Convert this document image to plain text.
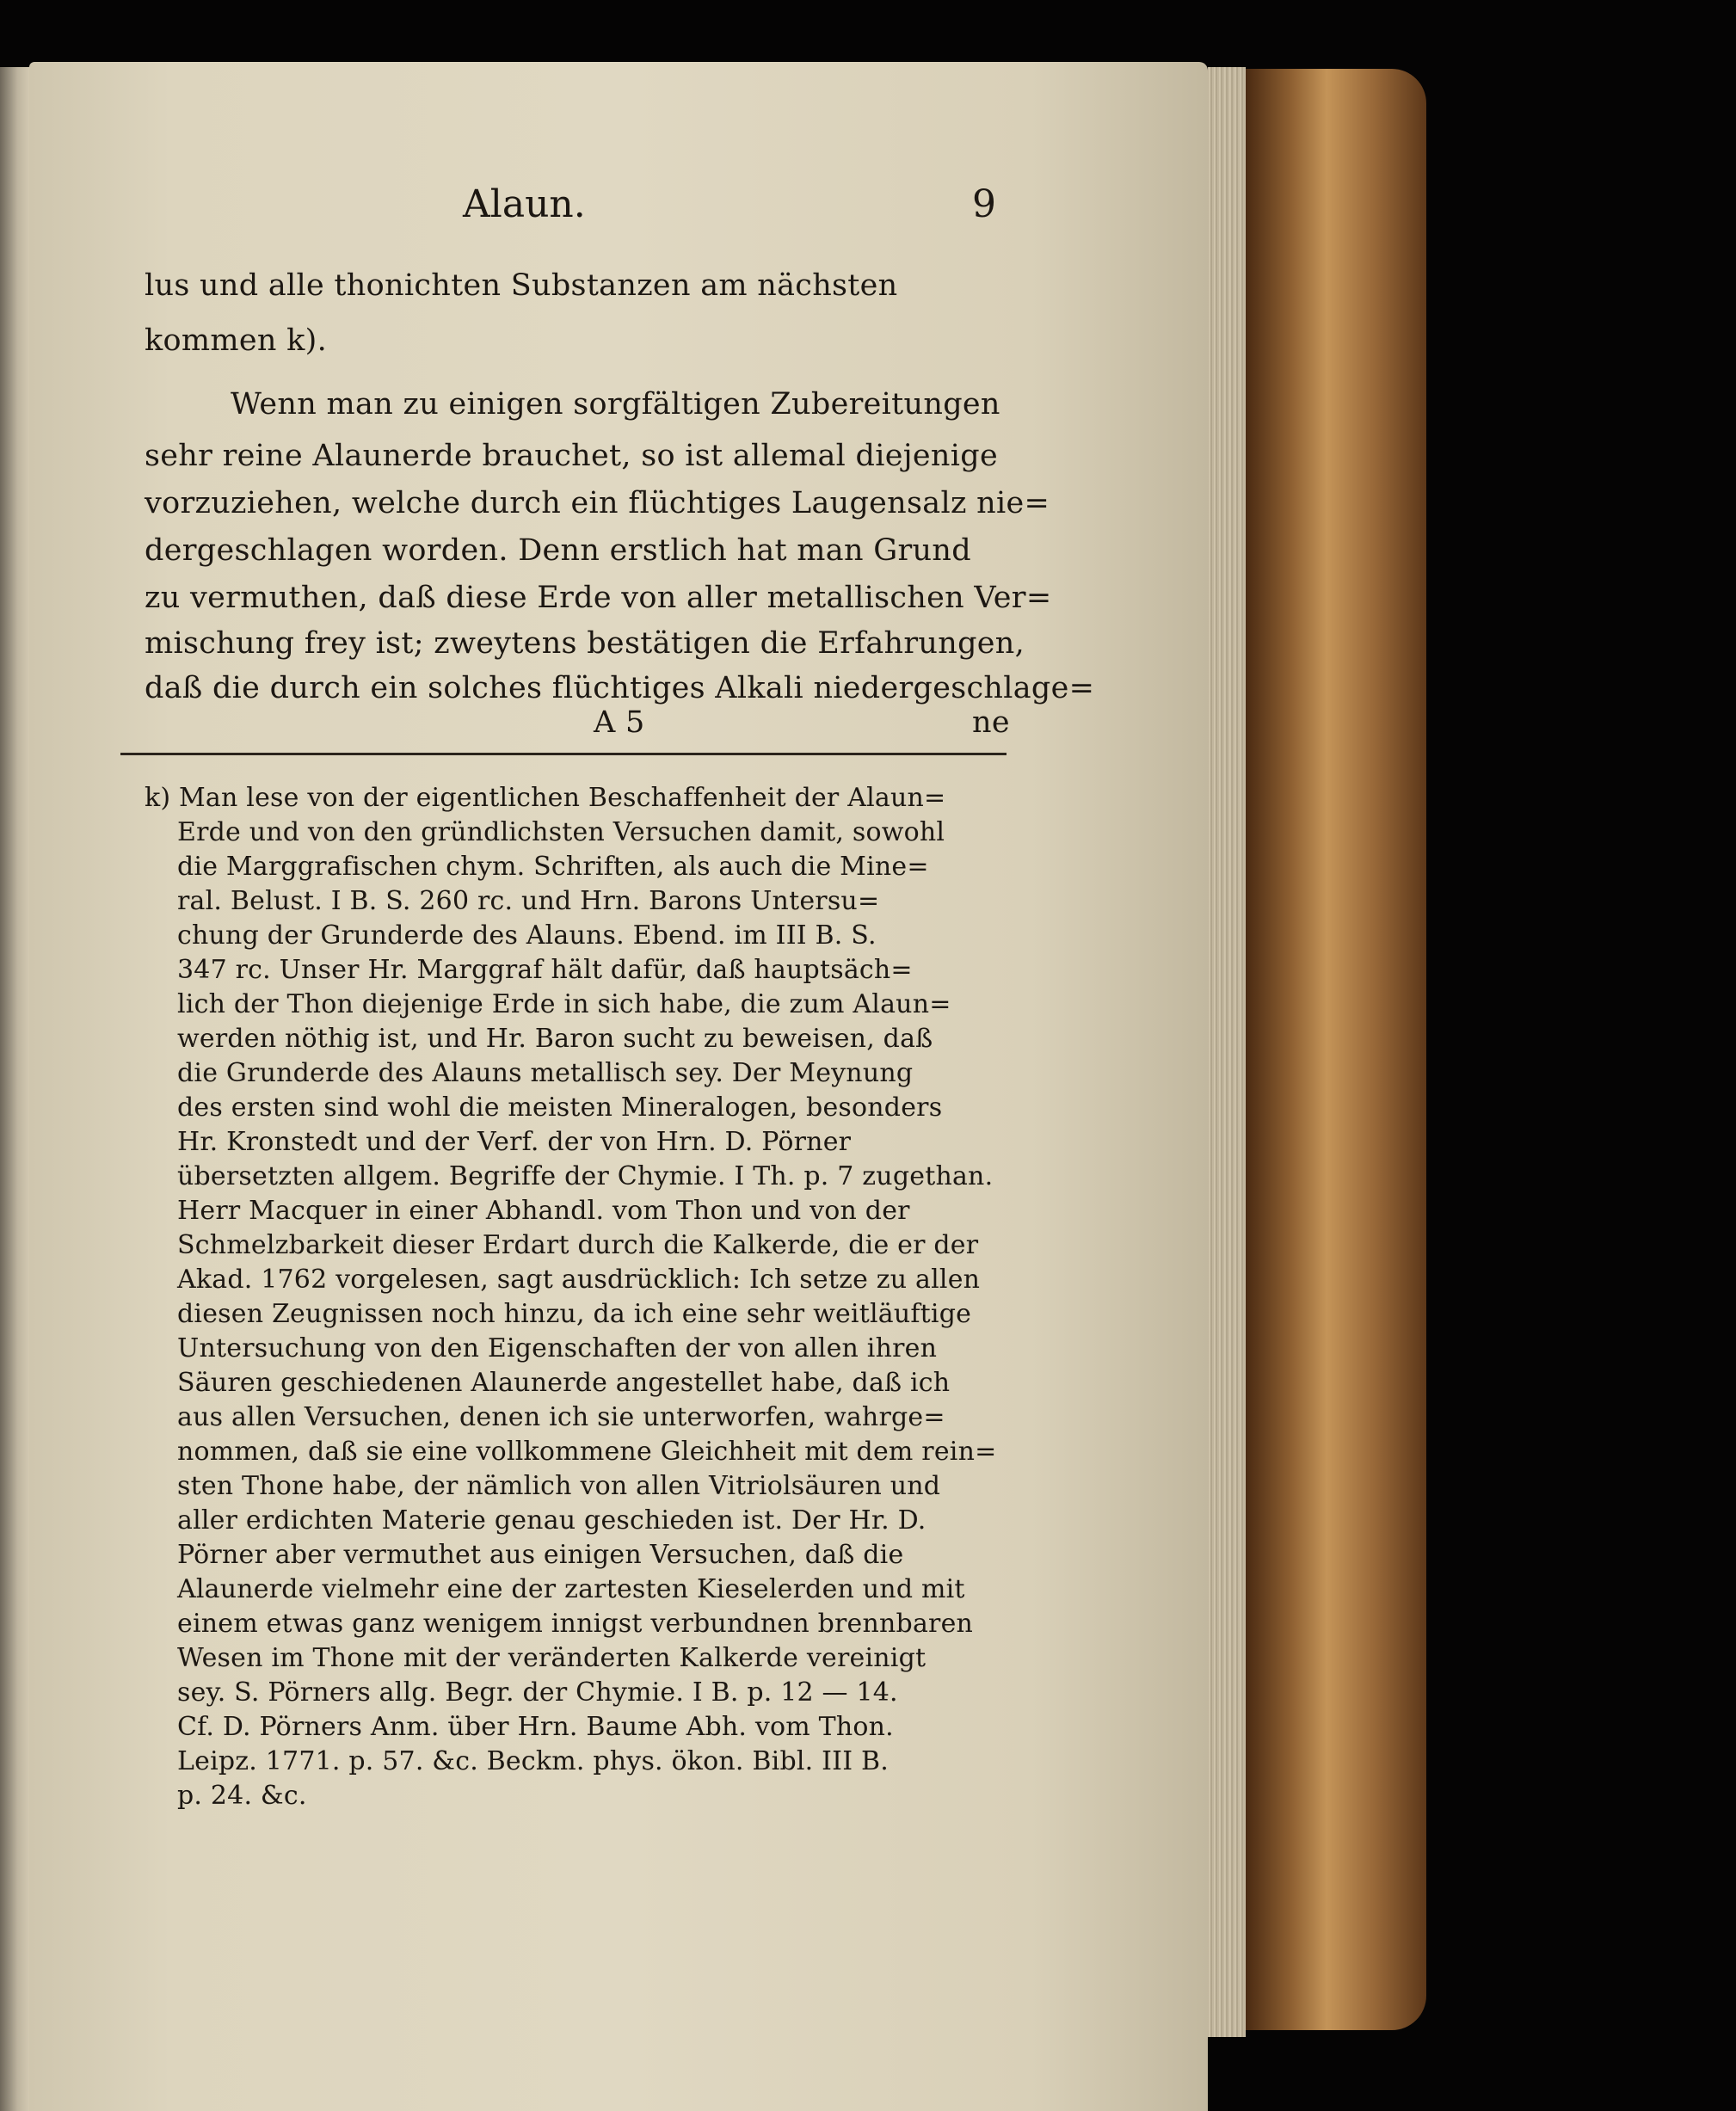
Alaun.	9
lus und alle thonichten Substanzen am nächsten
kommen k).
Wenn man zu einigen sorgfältigen Zubereitungen
sehr reine Alaunerde brauchet, so ist allemal diejenige
vorzuziehen, welche durch ein flüchtiges Laugensalz nie=
dergeschlagen worden. Denn erstlich hat man Grund
zu vermuthen, daß diese Erde von aller metallischen Ver=
mischung frey ist; zweytens bestätigen die Erfahrungen,
daß die durch ein solches flüchtiges Alkali niedergeschlage=
A 5	ne
k) Man lese von der eigentlichen Beschaffenheit der Alaun=
Erde und von den gründlichsten Versuchen damit, sowohl
die Marggrafischen chym. Schriften, als auch die Mine=
ral. Belust. I B. S. 260 rc. und Hrn. Barons Untersu=
chung der Grunderde des Alauns. Ebend. im III B. S.
347 rc. Unser Hr. Marggraf hält dafür, daß hauptsäch=
lich der Thon diejenige Erde in sich habe, die zum Alaun=
werden nöthig ist, und Hr. Baron sucht zu beweisen, daß
die Grunderde des Alauns metallisch sey. Der Meynung
des ersten sind wohl die meisten Mineralogen, besonders
Hr. Kronstedt und der Verf. der von Hrn. D. Pörner
übersetzten allgem. Begriffe der Chymie. I Th. p. 7 zugethan.
Herr Macquer in einer Abhandl. vom Thon und von der
Schmelzbarkeit dieser Erdart durch die Kalkerde, die er der
Akad. 1762 vorgelesen, sagt ausdrücklich: Ich setze zu allen
diesen Zeugnissen noch hinzu, da ich eine sehr weitläuftige
Untersuchung von den Eigenschaften der von allen ihren
Säuren geschiedenen Alaunerde angestellet habe, daß ich
aus allen Versuchen, denen ich sie unterworfen, wahrge=
nommen, daß sie eine vollkommene Gleichheit mit dem rein=
sten Thone habe, der nämlich von allen Vitriolsäuren und
aller erdichten Materie genau geschieden ist. Der Hr. D.
Pörner aber vermuthet aus einigen Versuchen, daß die
Alaunerde vielmehr eine der zartesten Kieselerden und mit
einem etwas ganz wenigem innigst verbundnen brennbaren
Wesen im Thone mit der veränderten Kalkerde vereinigt
sey. S. Pörners allg. Begr. der Chymie. I B. p. 12 — 14.
Cf. D. Pörners Anm. über Hrn. Baume Abh. vom Thon.
Leipz. 1771. p. 57. &c. Beckm. phys. ökon. Bibl. III B.
p. 24. &c.
